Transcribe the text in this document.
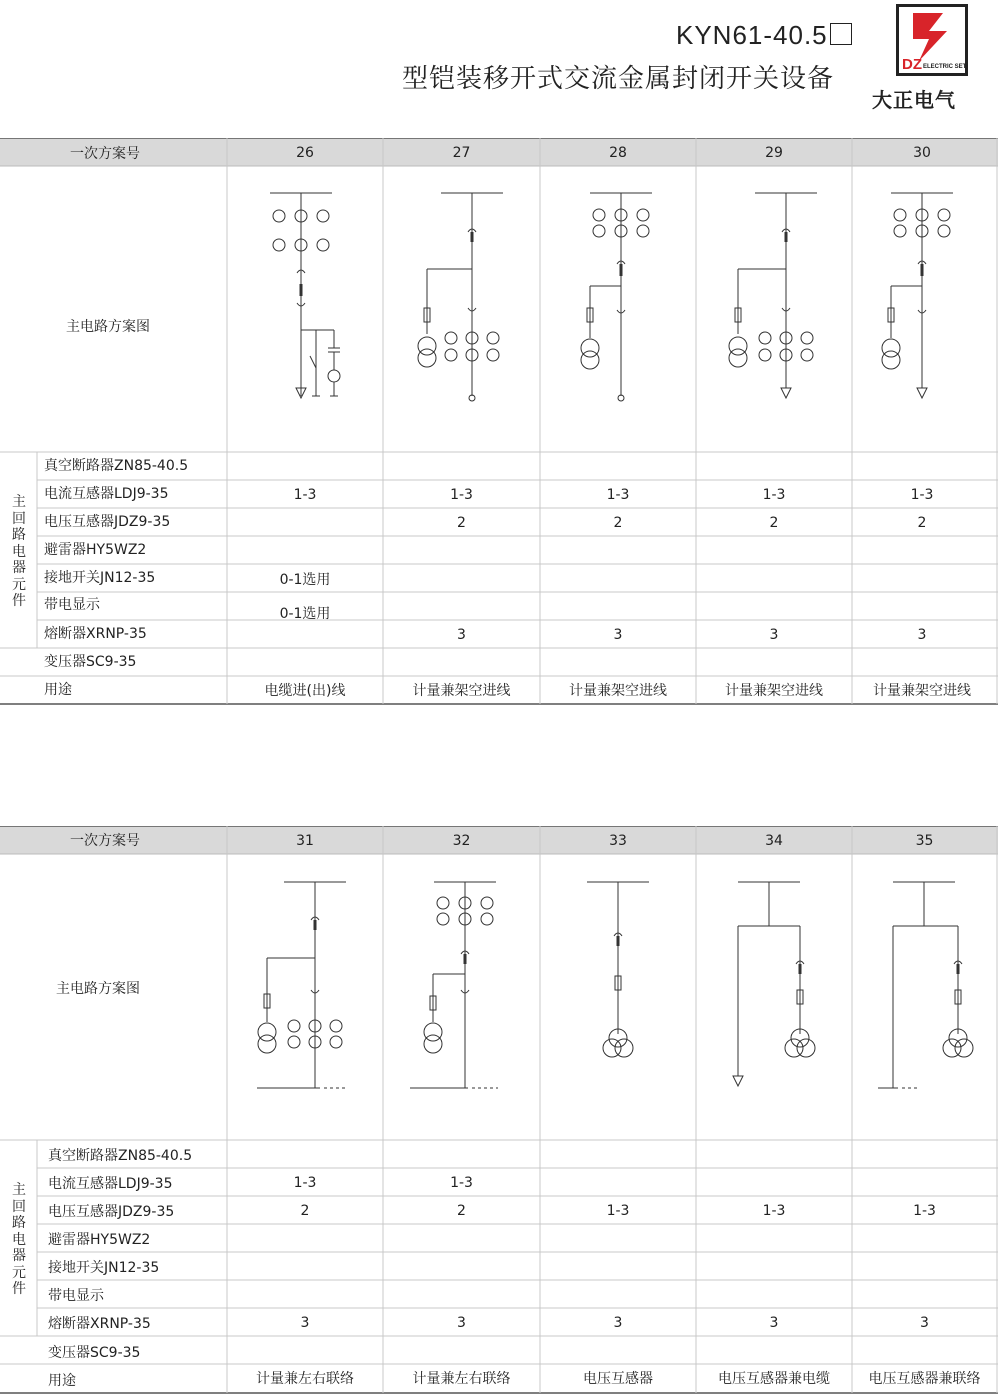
KYN61-40.5
型铠装移开式交流金属封闭开关设备	DZ ELECTRIC SET
大正电气
一次方案号
主电路方案图
主回路电器元件
真空断路器ZN85-40.5
电流互感器LDJ9-35
电压互感器JDZ9-35
避雷器HY5WZ2
接地开关JN12-35
带电显示
熔断器XRNP-35
变压器SC9-35
用途
26
1-3
0-1选用
0-1选用
电缆进(出)线
27
1-3
2
3
计量兼架空进线
28
1-3
2
3
计量兼架空进线
29
1-3
2
3
计量兼架空进线
30
1-3
2
3
计量兼架空进线
一次方案号
主电路方案图
主回路电器元件
真空断路器ZN85-40.5
电流互感器LDJ9-35
电压互感器JDZ9-35
避雷器HY5WZ2
接地开关JN12-35
带电显示
熔断器XRNP-35
变压器SC9-35
用途
31
1-3
2
3
计量兼左右联络
32
1-3
2
3
计量兼左右联络
33
1-3
3
电压互感器
34
1-3
3
电压互感器兼电缆
35
1-3
3
电压互感器兼联络
